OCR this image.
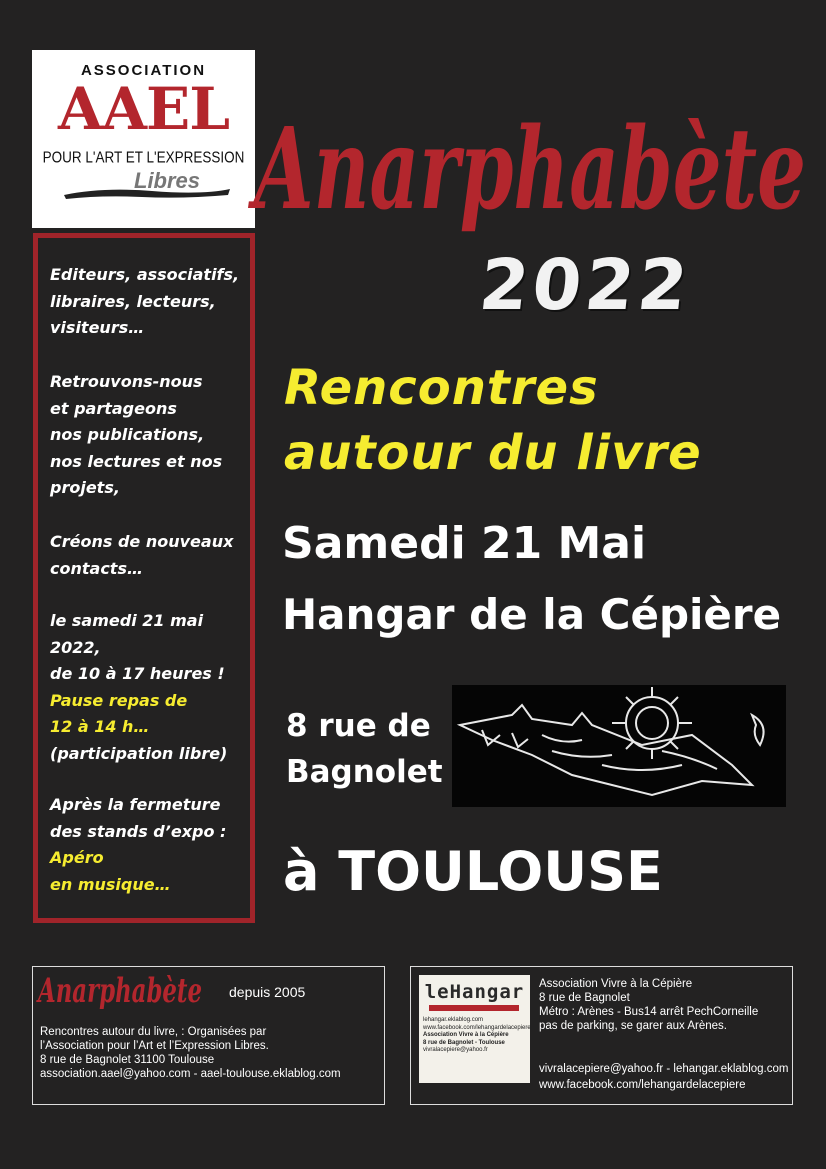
ASSOCIATION
AAEL
POUR L'ART ET L'EXPRESSION
Libres Anarphabète
2022
Editeurs, associatifs,
libraires, lecteurs,
visiteurs…
Retrouvons-nous
et partageons
nos publications,
nos lectures et nos
projets,
Créons de nouveaux
contacts…
le samedi 21 mai
2022,
de 10 à 17 heures !
Pause repas de
12 à 14 h…
(participation libre)
Après la fermeture
des stands d’expo :
Apéro
en musique…
Rencontres
autour du livre
Samedi 21 Mai
Hangar de la Cépière
8 rue de
Bagnolet
à TOULOUSE
Anarphabète depuis 2005
Rencontres autour du livre, : Organisées par
l’Association pour l’Art et l’Expression Libres.
8 rue de Bagnolet 31100 Toulouse
association.aael@yahoo.com - aael-toulouse.eklablog.com
leHangar
lehangar.eklablog.com
www.facebook.com/lehangardelacepiere
Association Vivre à la Cépière
8 rue de Bagnolet - Toulouse
vivralacepiere@yahoo.fr
Association Vivre à la Cépière
8 rue de Bagnolet
Métro : Arènes - Bus14 arrêt PechCorneille
pas de parking, se garer aux Arènes.
vivralacepiere@yahoo.fr - lehangar.eklablog.com
www.facebook.com/lehangardelacepiere
